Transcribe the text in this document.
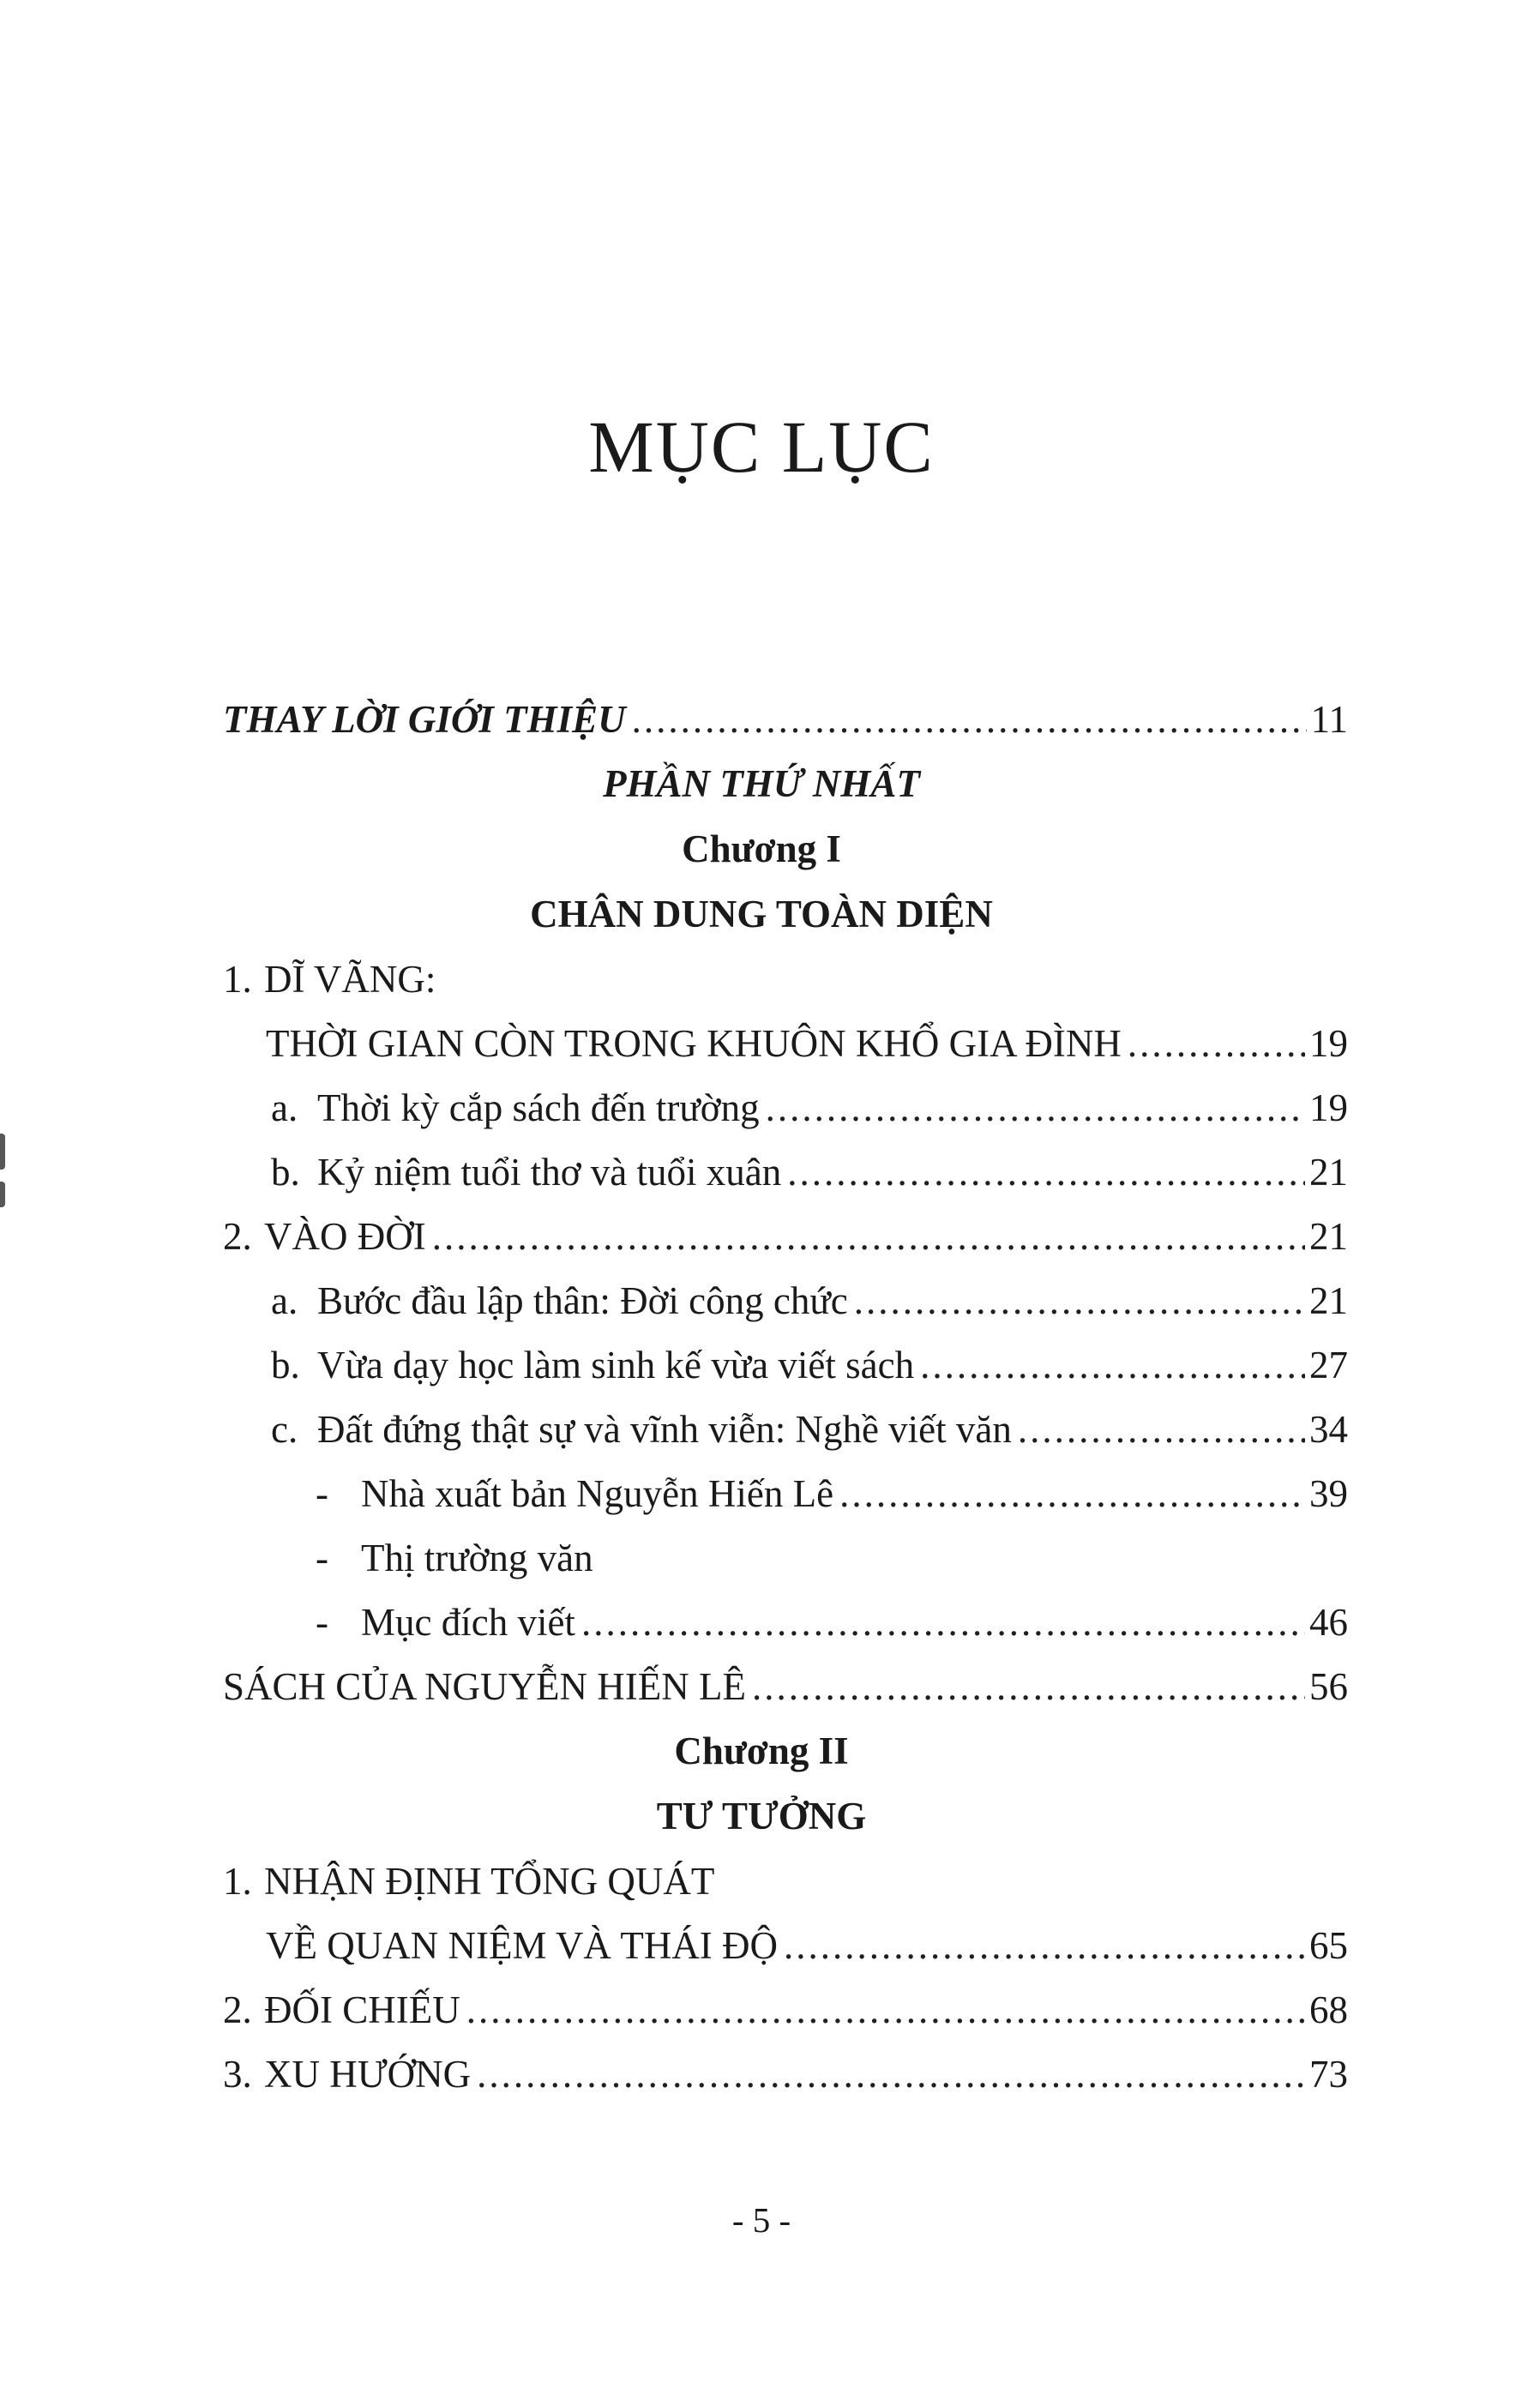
MỤC LỤC
THAY LỜI GIỚI THIỆU .....	11
PHẦN THỨ NHẤT
Chương I
CHÂN DUNG TOÀN DIỆN
1. DĨ VÃNG:
THỜI GIAN CÒN TRONG KHUÔN KHỔ GIA ĐÌNH .....	19
a. Thời kỳ cắp sách đến trường .....	19
b. Kỷ niệm tuổi thơ và tuổi xuân .....	21
2. VÀO ĐỜI .....	21
a. Bước đầu lập thân: Đời công chức .....	21
b. Vừa dạy học làm sinh kế vừa viết sách .....	27
c. Đất đứng thật sự và vĩnh viễn: Nghề viết văn .....	34
- Nhà xuất bản Nguyễn Hiến Lê .....	39
- Thị trường văn
- Mục đích viết .....	46
SÁCH CỦA NGUYỄN HIẾN LÊ .....	56
Chương II
TƯ TƯỞNG
1. NHẬN ĐỊNH TỔNG QUÁT
VỀ QUAN NIỆM VÀ THÁI ĐỘ .....	65
2. ĐỐI CHIẾU .....	68
3. XU HƯỚNG .....	73
- 5 -
